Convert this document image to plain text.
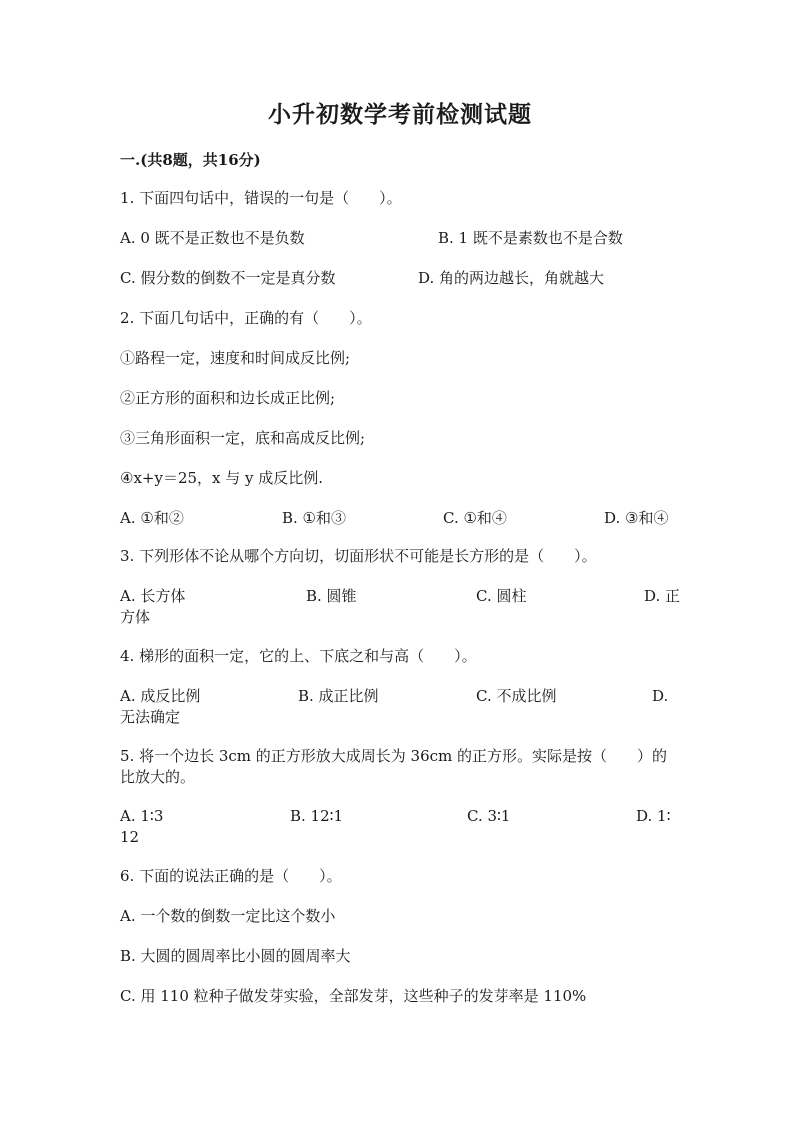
小升初数学考前检测试题
一.(共8题，共16分)
1. 下面四句话中，错误的一句是（　　）。
A. 0 既不是正数也不是负数	B. 1 既不是素数也不是合数
C. 假分数的倒数不一定是真分数	D. 角的两边越长，角就越大
2. 下面几句话中，正确的有（　　）。
①路程一定，速度和时间成反比例;
②正方形的面积和边长成正比例;
③三角形面积一定，底和高成反比例;
④x+y＝25，x 与 y 成反比例.
A. ①和②	B. ①和③	C. ①和④	D. ③和④
3. 下列形体不论从哪个方向切，切面形状不可能是长方形的是（　　）。
A. 长方体	B. 圆锥	C. 圆柱	D. 正
方体
4. 梯形的面积一定，它的上、下底之和与高（　　）。
A. 成反比例	B. 成正比例	C. 不成比例	D.
无法确定
5. 将一个边长 3cm 的正方形放大成周长为 36cm 的正方形。实际是按（　　）的
比放大的。
A. 1∶3	B. 12∶1	C. 3∶1	D. 1∶
12
6. 下面的说法正确的是（　　）。
A. 一个数的倒数一定比这个数小
B. 大圆的圆周率比小圆的圆周率大
C. 用 110 粒种子做发芽实验，全部发芽，这些种子的发芽率是 110%
